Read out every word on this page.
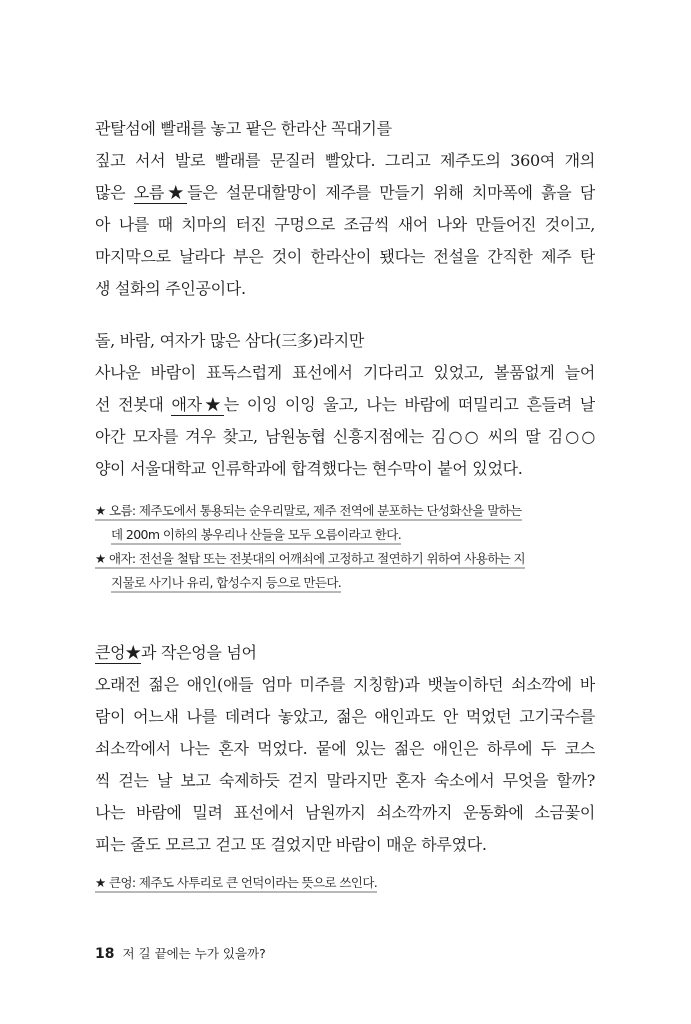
관탈섬에 빨래를 놓고 팥은 한라산 꼭대기를
짚고 서서 발로 빨래를 문질러 빨았다. 그리고 제주도의 360여 개의
많은 오름★들은 설문대할망이 제주를 만들기 위해 치마폭에 흙을 담
아 나를 때 치마의 터진 구멍으로 조금씩 새어 나와 만들어진 것이고,
마지막으로 날라다 부은 것이 한라산이 됐다는 전설을 간직한 제주 탄
생 설화의 주인공이다.
돌, 바람, 여자가 많은 삼다(三多)라지만
사나운 바람이 표독스럽게 표선에서 기다리고 있었고, 볼품없게 늘어
선 전봇대 애자★는 이잉 이잉 울고, 나는 바람에 떠밀리고 흔들려 날
아간 모자를 겨우 찾고, 남원농협 신흥지점에는 김○○ 씨의 딸 김○○
양이 서울대학교 인류학과에 합격했다는 현수막이 붙어 있었다.
★ 오름: 제주도에서 통용되는 순우리말로, 제주 전역에 분포하는 단성화산을 말하는
데 200m 이하의 봉우리나 산들을 모두 오름이라고 한다.
★ 애자: 전선을 철탑 또는 전봇대의 어깨쇠에 고정하고 절연하기 위하여 사용하는 지
지물로 사기나 유리, 합성수지 등으로 만든다.
큰엉★과 작은엉을 넘어
오래전 젊은 애인(애들 엄마 미주를 지칭함)과 뱃놀이하던 쇠소깍에 바
람이 어느새 나를 데려다 놓았고, 젊은 애인과도 안 먹었던 고기국수를
쇠소깍에서 나는 혼자 먹었다. 뭍에 있는 젊은 애인은 하루에 두 코스
씩 걷는 날 보고 숙제하듯 걷지 말라지만 혼자 숙소에서 무엇을 할까?
나는 바람에 밀려 표선에서 남원까지 쇠소깍까지 운동화에 소금꽃이
피는 줄도 모르고 걷고 또 걸었지만 바람이 매운 하루였다.
★ 큰엉: 제주도 사투리로 큰 언덕이라는 뜻으로 쓰인다.
18 저 길 끝에는 누가 있을까?
